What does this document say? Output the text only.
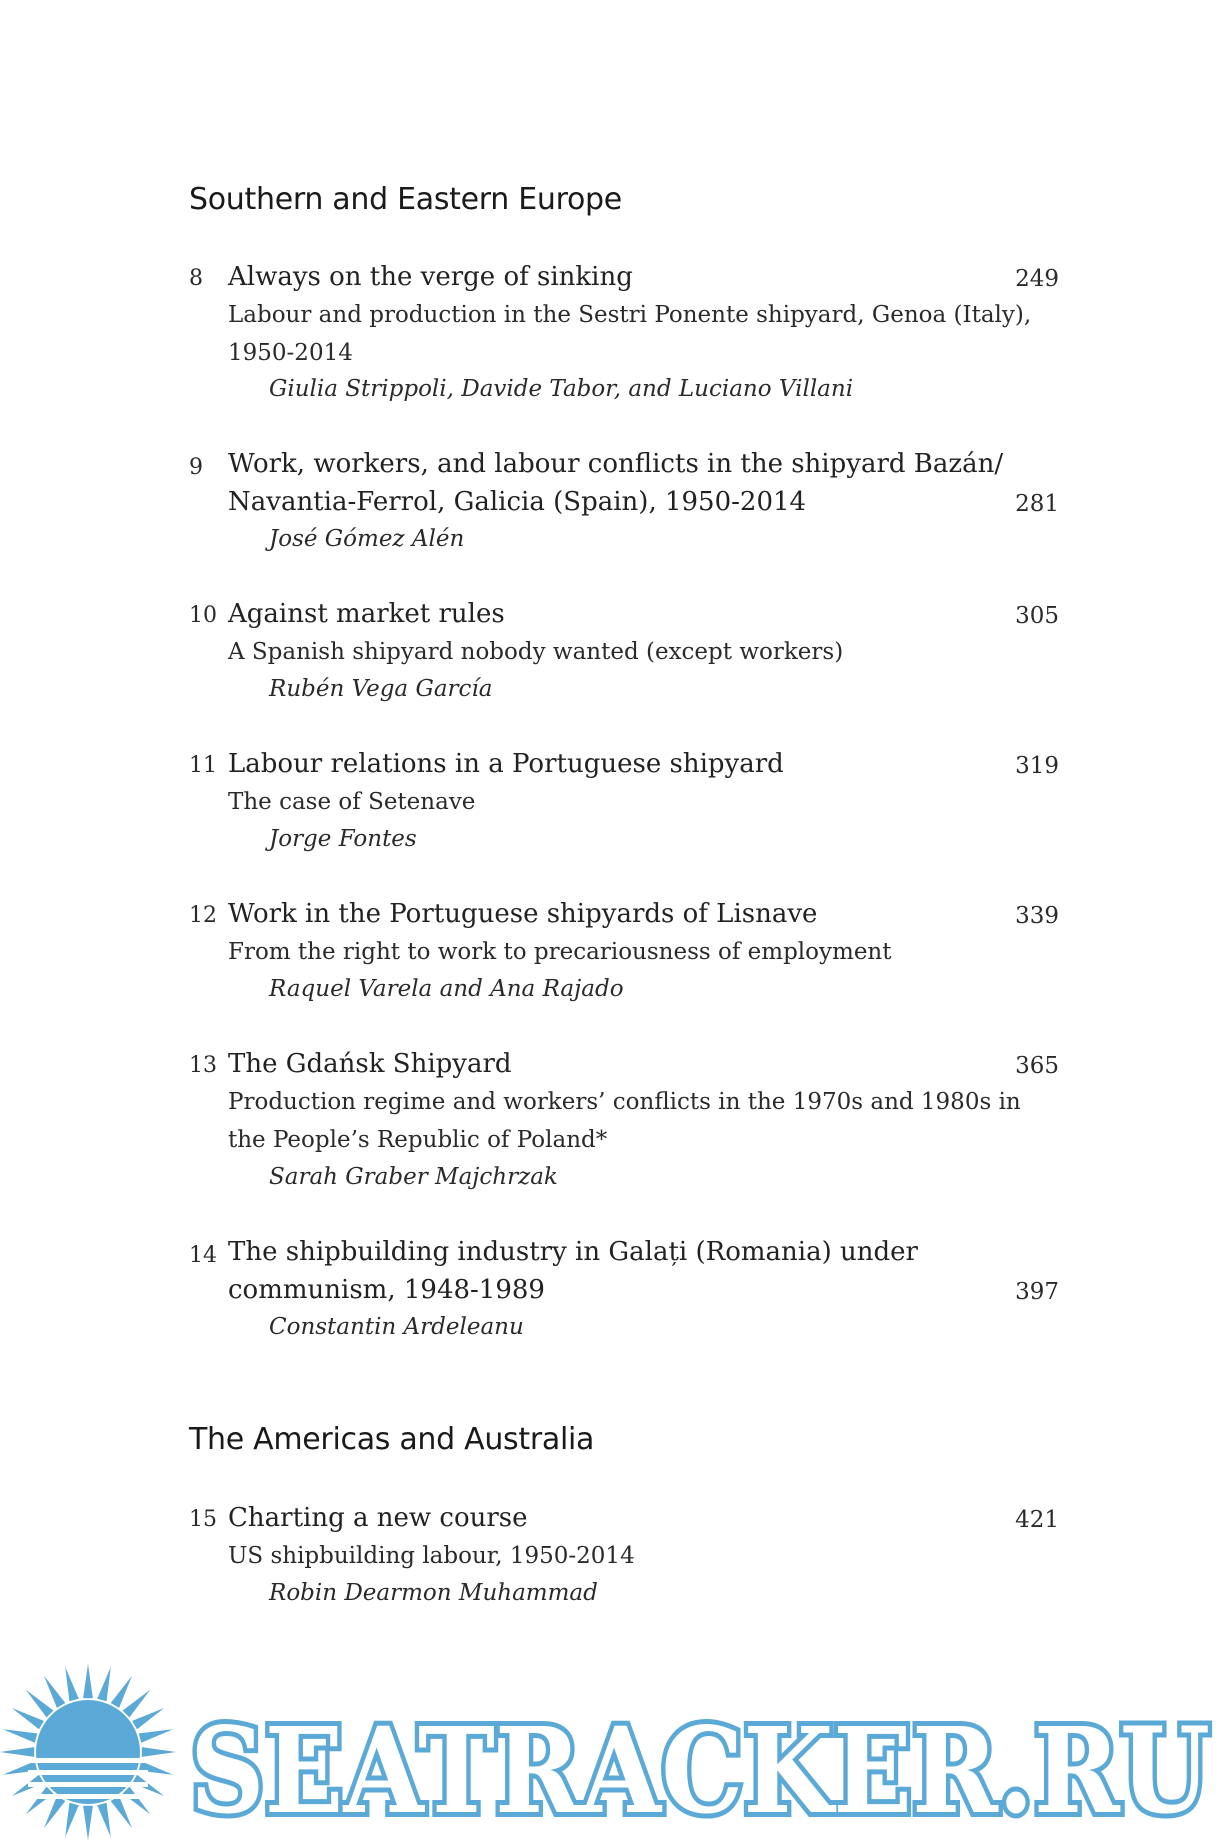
Southern and Eastern Europe
8 Always on the verge of sinking
Labour and production in the Sestri Ponente shipyard, Genoa (Italy),
1950-2014
Giulia Strippoli, Davide Tabor, and Luciano Villani
249
9 Work, workers, and labour conflicts in the shipyard Bazán/
Navantia-Ferrol, Galicia (Spain), 1950-2014
José Gómez Alén
281
10 Against market rules
A Spanish shipyard nobody wanted (except workers)
Rubén Vega García
305
11 Labour relations in a Portuguese shipyard
The case of Setenave
Jorge Fontes
319
12 Work in the Portuguese shipyards of Lisnave
From the right to work to precariousness of employment
Raquel Varela and Ana Rajado
339
13 The Gdańsk Shipyard
Production regime and workers’ conflicts in the 1970s and 1980s in
the People’s Republic of Poland*
Sarah Graber Majchrzak
365
14 The shipbuilding industry in Galați (Romania) under
communism, 1948-1989
Constantin Ardeleanu
397
The Americas and Australia
15 Charting a new course
US shipbuilding labour, 1950-2014
Robin Dearmon Muhammad
421
SEATRACKER.RU
